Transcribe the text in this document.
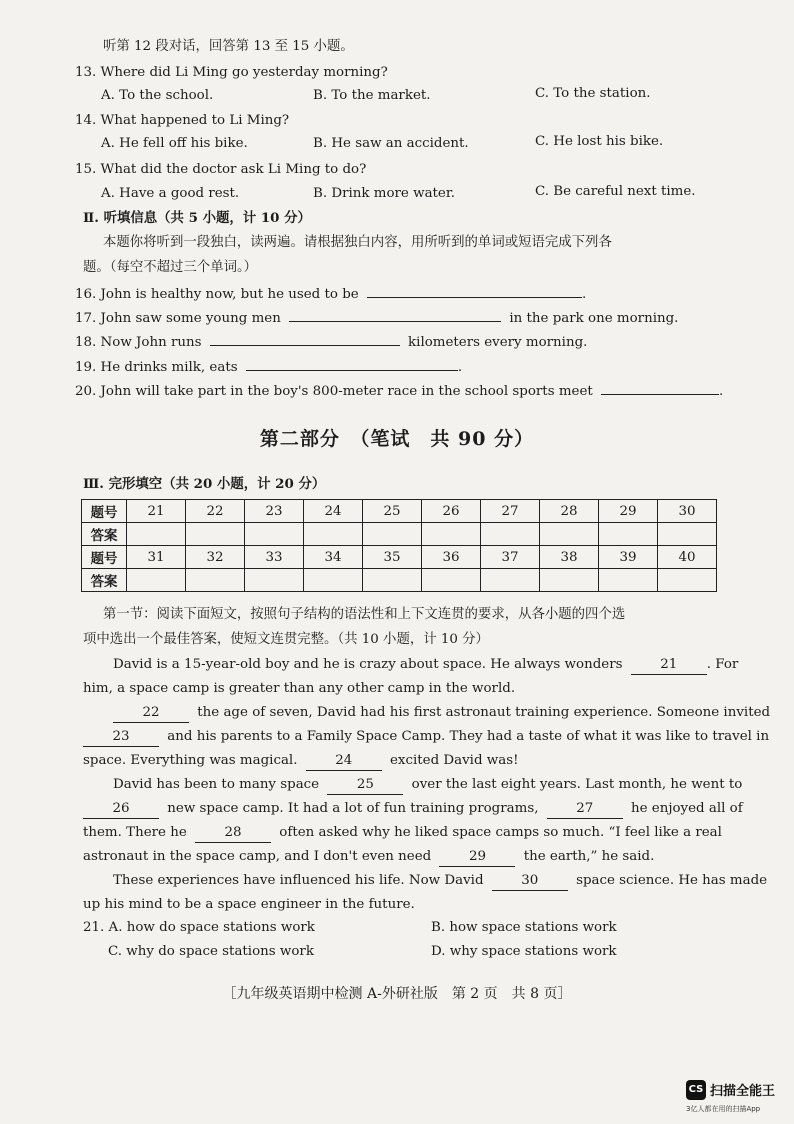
听第 12 段对话，回答第 13 至 15 小题。
13. Where did Li Ming go yesterday morning?
A. To the school.	B. To the market.	C. To the station.
14. What happened to Li Ming?
A. He fell off his bike.	B. He saw an accident.	C. He lost his bike.
15. What did the doctor ask Li Ming to do?
A. Have a good rest.	B. Drink more water.	C. Be careful next time.
Ⅱ. 听填信息（共 5 小题，计 10 分）
本题你将听到一段独白，读两遍。请根据独白内容，用所听到的单词或短语完成下列各
题。（每空不超过三个单词。）
16. John is healthy now, but he used to be	.
17. John saw some young men	in the park one morning.
18. Now John runs	kilometers every morning.
19. He drinks milk, eats	.
20. John will take part in the boy's 800-meter race in the school sports meet	.
第二部分　（笔试　共 90 分）
Ⅲ. 完形填空（共 20 小题，计 20 分）
题号	21	22	23	24	25	26	27	28	29	30
答案										
题号	31	32	33	34	35	36	37	38	39	40
答案										
第一节：阅读下面短文，按照句子结构的语法性和上下文连贯的要求，从各小题的四个选
项中选出一个最佳答案，使短文连贯完整。（共 10 小题，计 10 分）
David is a 15-year-old boy and he is crazy about space. He always wonders	21 . For
him, a space camp is greater than any other camp in the world.
22	the age of seven, David had his first astronaut training experience. Someone invited
23	and his parents to a Family Space Camp. They had a taste of what it was like to travel in
space. Everything was magical.	24	excited David was!
David has been to many space	25	over the last eight years. Last month, he went to
26	new space camp. It had a lot of fun training programs,	27	he enjoyed all of
them. There he	28	often asked why he liked space camps so much. “I feel like a real
astronaut in the space camp, and I don't even need	29	the earth,” he said.
These experiences have influenced his life. Now David	30	space science. He has made
up his mind to be a space engineer in the future.
21. A. how do space stations work	B. how space stations work
C. why do space stations work	D. why space stations work
［九年级英语期中检测 A-外研社版　第 2 页　共 8 页］
CS 扫描全能王
3亿人都在用的扫描App
